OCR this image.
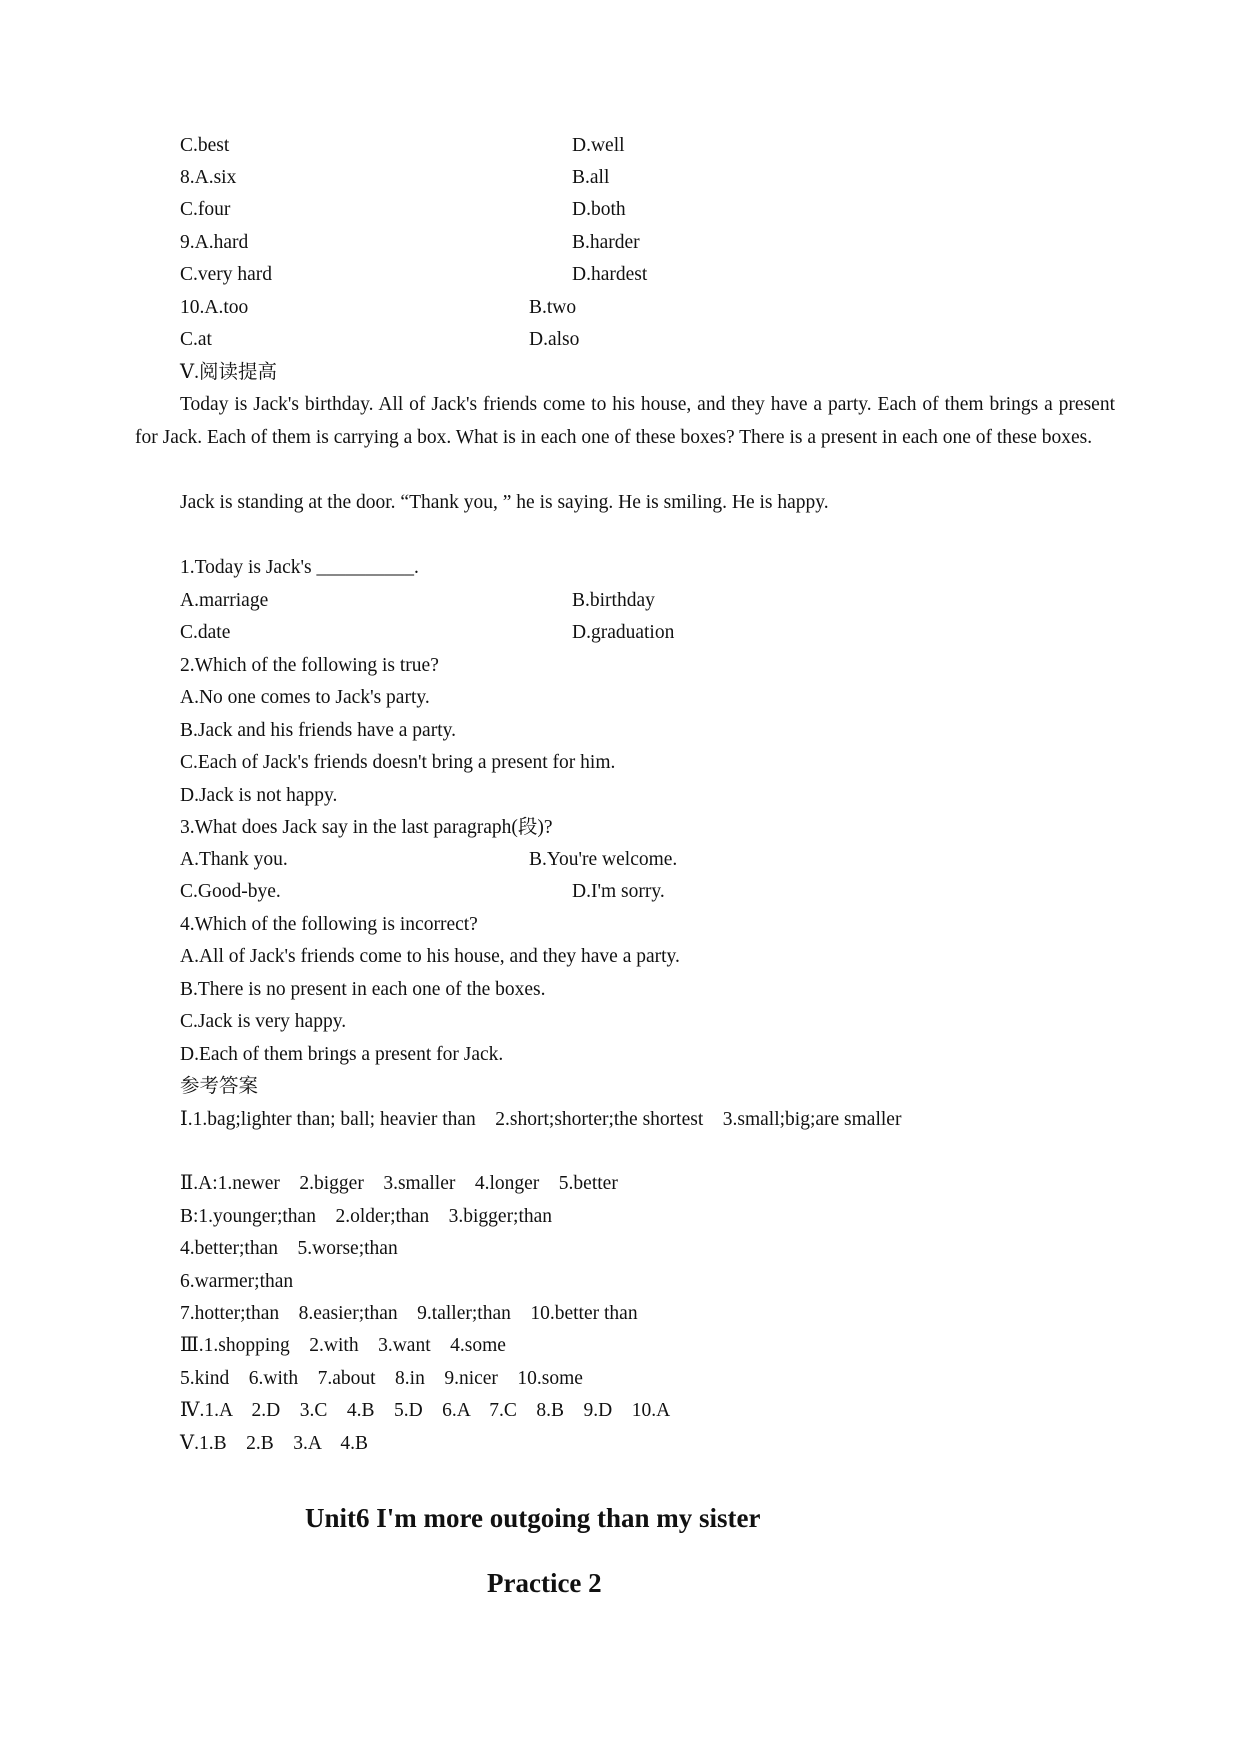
C.best	D.well
8.A.six	B.all
C.four	D.both
9.A.hard	B.harder
C.very hard	D.hardest
10.A.too	B.two
C.at	D.also
Ⅴ.阅读提高
Today is Jack's birthday. All of Jack's friends come to his house, and they have a party. Each of them brings a present for Jack. Each of them is carrying a box. What is in each one of these boxes? There is a present in each one of these boxes.
Jack is standing at the door. “Thank you, ” he is saying. He is smiling. He is happy.
1.Today is Jack's __________.
A.marriage	B.birthday
C.date	D.graduation
2.Which of the following is true?
A.No one comes to Jack's party.
B.Jack and his friends have a party.
C.Each of Jack's friends doesn't bring a present for him.
D.Jack is not happy.
3.What does Jack say in the last paragraph(段)?
A.Thank you.	B.You're welcome.
C.Good-bye.	D.I'm sorry.
4.Which of the following is incorrect?
A.All of Jack's friends come to his house, and they have a party.
B.There is no present in each one of the boxes.
C.Jack is very happy.
D.Each of them brings a present for Jack.
参考答案
Ⅰ.1.bag;lighter than; ball; heavier than    2.short;shorter;the shortest    3.small;big;are smaller
Ⅱ.A:1.newer    2.bigger    3.smaller    4.longer    5.better
B:1.younger;than    2.older;than    3.bigger;than
4.better;than    5.worse;than
6.warmer;than
7.hotter;than    8.easier;than    9.taller;than    10.better than
Ⅲ.1.shopping    2.with    3.want    4.some
5.kind    6.with    7.about    8.in    9.nicer    10.some
Ⅳ.1.A    2.D    3.C    4.B    5.D    6.A    7.C    8.B    9.D    10.A
Ⅴ.1.B    2.B    3.A    4.B
Unit6 I'm more outgoing than my sister
Practice 2
